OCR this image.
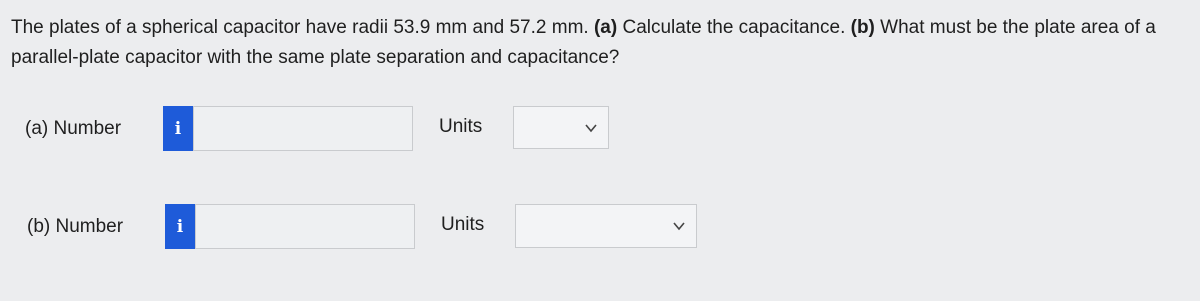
The plates of a spherical capacitor have radii 53.9 mm and 57.2 mm. (a) Calculate the capacitance. (b) What must be the plate area of a
parallel-plate capacitor with the same plate separation and capacitance?
(a) Number	i	Units
(b) Number	i	Units
